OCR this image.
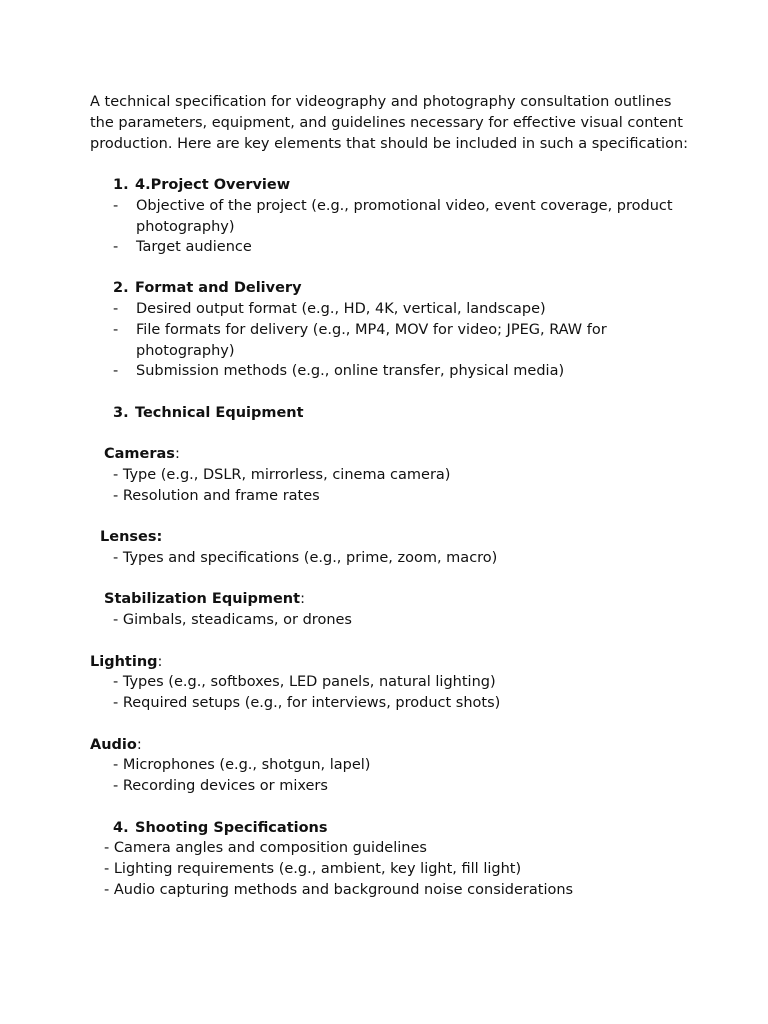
A technical specification for videography and photography consultation outlines the parameters, equipment, and guidelines necessary for effective visual content production. Here are key elements that should be included in such a specification:

1. 4.Project Overview
- Objective of the project (e.g., promotional video, event coverage, product
photography)
- Target audience
2. Format and Delivery
- Desired output format (e.g., HD, 4K, vertical, landscape)
- File formats for delivery (e.g., MP4, MOV for video; JPEG, RAW for
photography)
- Submission methods (e.g., online transfer, physical media)
3. Technical Equipment
Cameras:
- Type (e.g., DSLR, mirrorless, cinema camera)
- Resolution and frame rates
Lenses:
- Types and specifications (e.g., prime, zoom, macro)
Stabilization Equipment:
- Gimbals, steadicams, or drones
Lighting:
- Types (e.g., softboxes, LED panels, natural lighting)
- Required setups (e.g., for interviews, product shots)
Audio:
- Microphones (e.g., shotgun, lapel)
- Recording devices or mixers
4. Shooting Specifications
- Camera angles and composition guidelines
- Lighting requirements (e.g., ambient, key light, fill light)
- Audio capturing methods and background noise considerations
